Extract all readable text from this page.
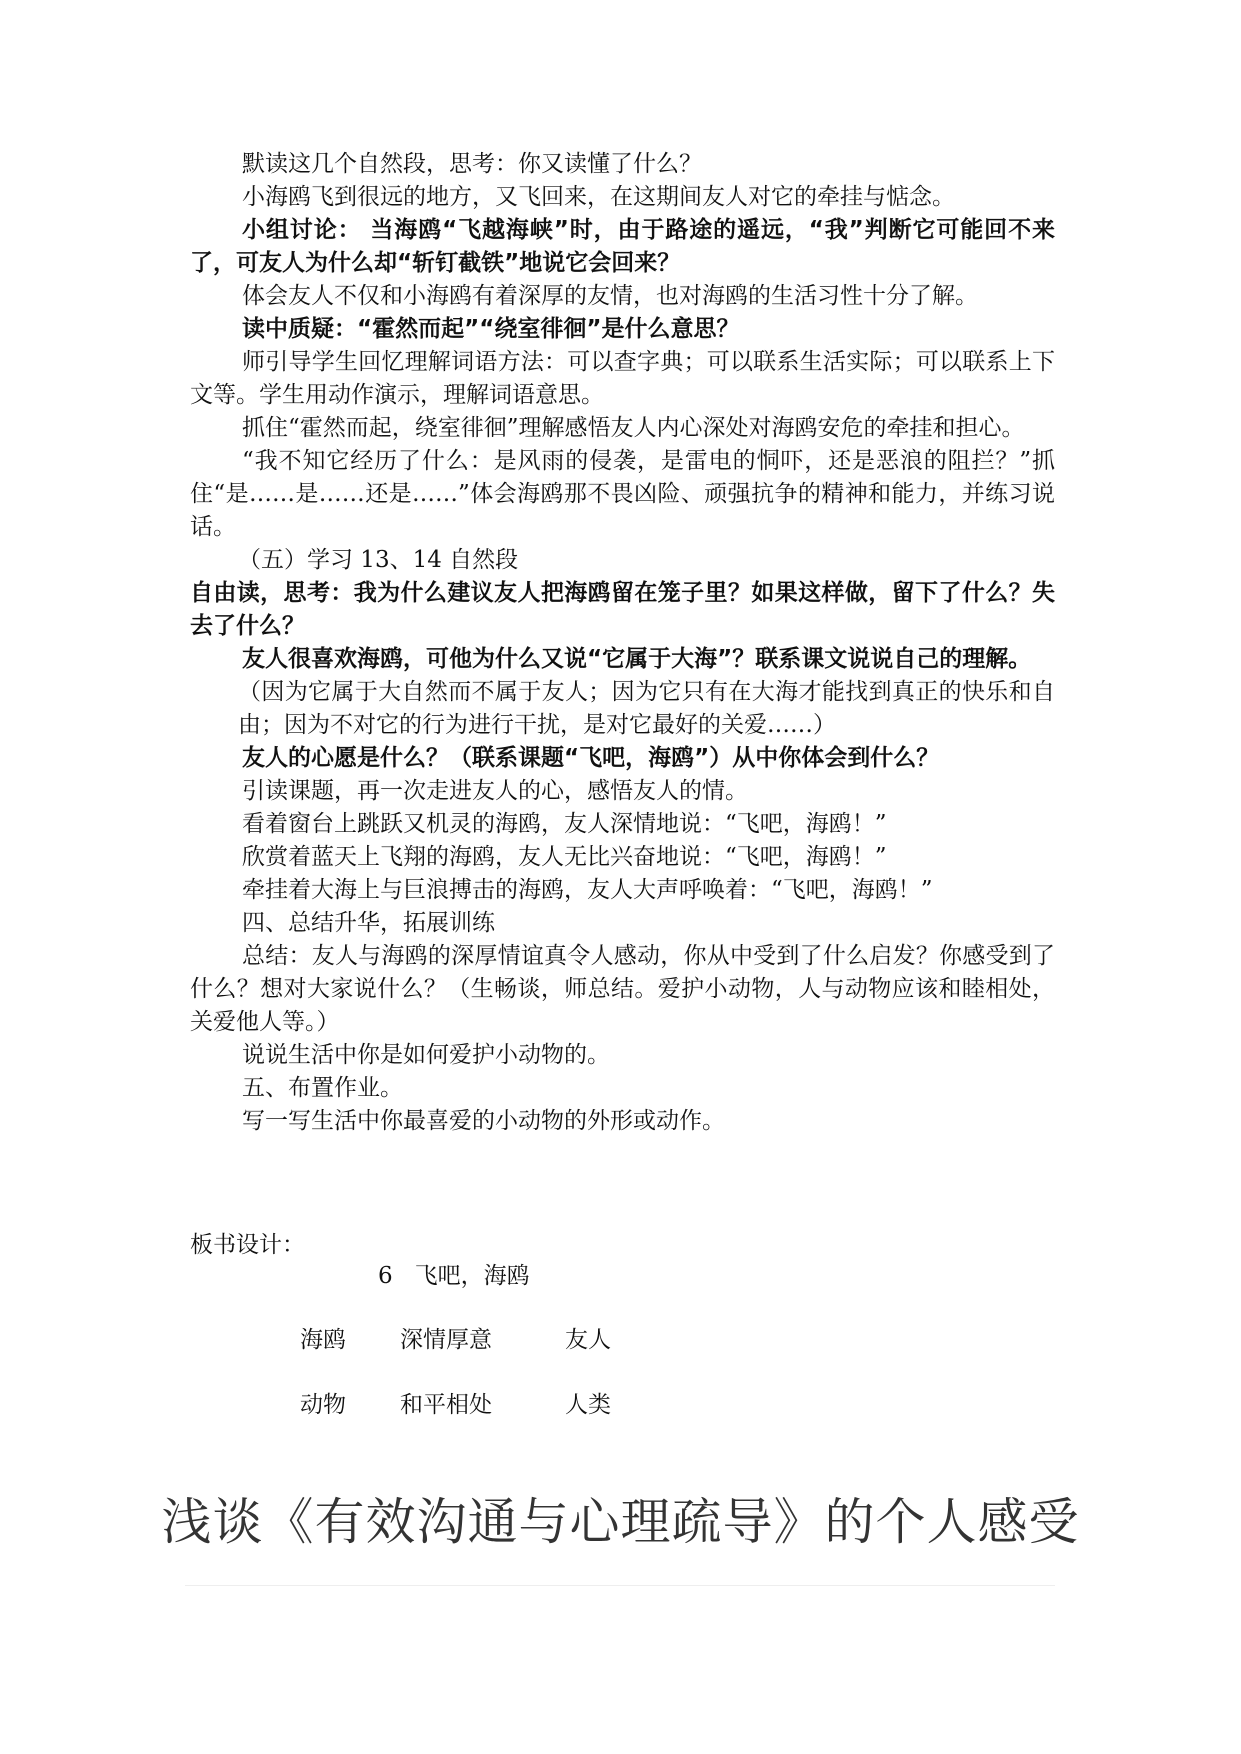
默读这几个自然段，思考：你又读懂了什么？

小海鸥飞到很远的地方，又飞回来，在这期间友人对它的牵挂与惦念。

小组讨论： 当海鸥“飞越海峡”时，由于路途的遥远，“我”判断它可能回不来了，可友人为什么却“斩钉截铁”地说它会回来？

体会友人不仅和小海鸥有着深厚的友情，也对海鸥的生活习性十分了解。

读中质疑：“霍然而起”“绕室徘徊”是什么意思？

师引导学生回忆理解词语方法：可以查字典；可以联系生活实际；可以联系上下文等。学生用动作演示，理解词语意思。

抓住“霍然而起，绕室徘徊”理解感悟友人内心深处对海鸥安危的牵挂和担心。

“我不知它经历了什么：是风雨的侵袭，是雷电的恫吓，还是恶浪的阻拦？”抓住“是……是……还是……”体会海鸥那不畏凶险、顽强抗争的精神和能力，并练习说话。

（五）学习 13、14 自然段

自由读，思考：我为什么建议友人把海鸥留在笼子里？如果这样做，留下了什么？失去了什么？

友人很喜欢海鸥，可他为什么又说“它属于大海”？联系课文说说自己的理解。

（因为它属于大自然而不属于友人；因为它只有在大海才能找到真正的快乐和自由；因为不对它的行为进行干扰，是对它最好的关爱……）

友人的心愿是什么？（联系课题“飞吧，海鸥”）从中你体会到什么？

引读课题，再一次走进友人的心，感悟友人的情。

看着窗台上跳跃又机灵的海鸥，友人深情地说：“飞吧，海鸥！”

欣赏着蓝天上飞翔的海鸥，友人无比兴奋地说：“飞吧，海鸥！”

牵挂着大海上与巨浪搏击的海鸥，友人大声呼唤着：“飞吧，海鸥！”

四、总结升华，拓展训练

总结：友人与海鸥的深厚情谊真令人感动，你从中受到了什么启发？你感受到了什么？想对大家说什么？（生畅谈，师总结。爱护小动物，人与动物应该和睦相处，关爱他人等。）

说说生活中你是如何爱护小动物的。

五、布置作业。

写一写生活中你最喜爱的小动物的外形或动作。

板书设计：
6   飞吧，海鸥
海鸥 深情厚意	友人
动物 和平相处	人类
浅谈《有效沟通与心理疏导》的个人感受
